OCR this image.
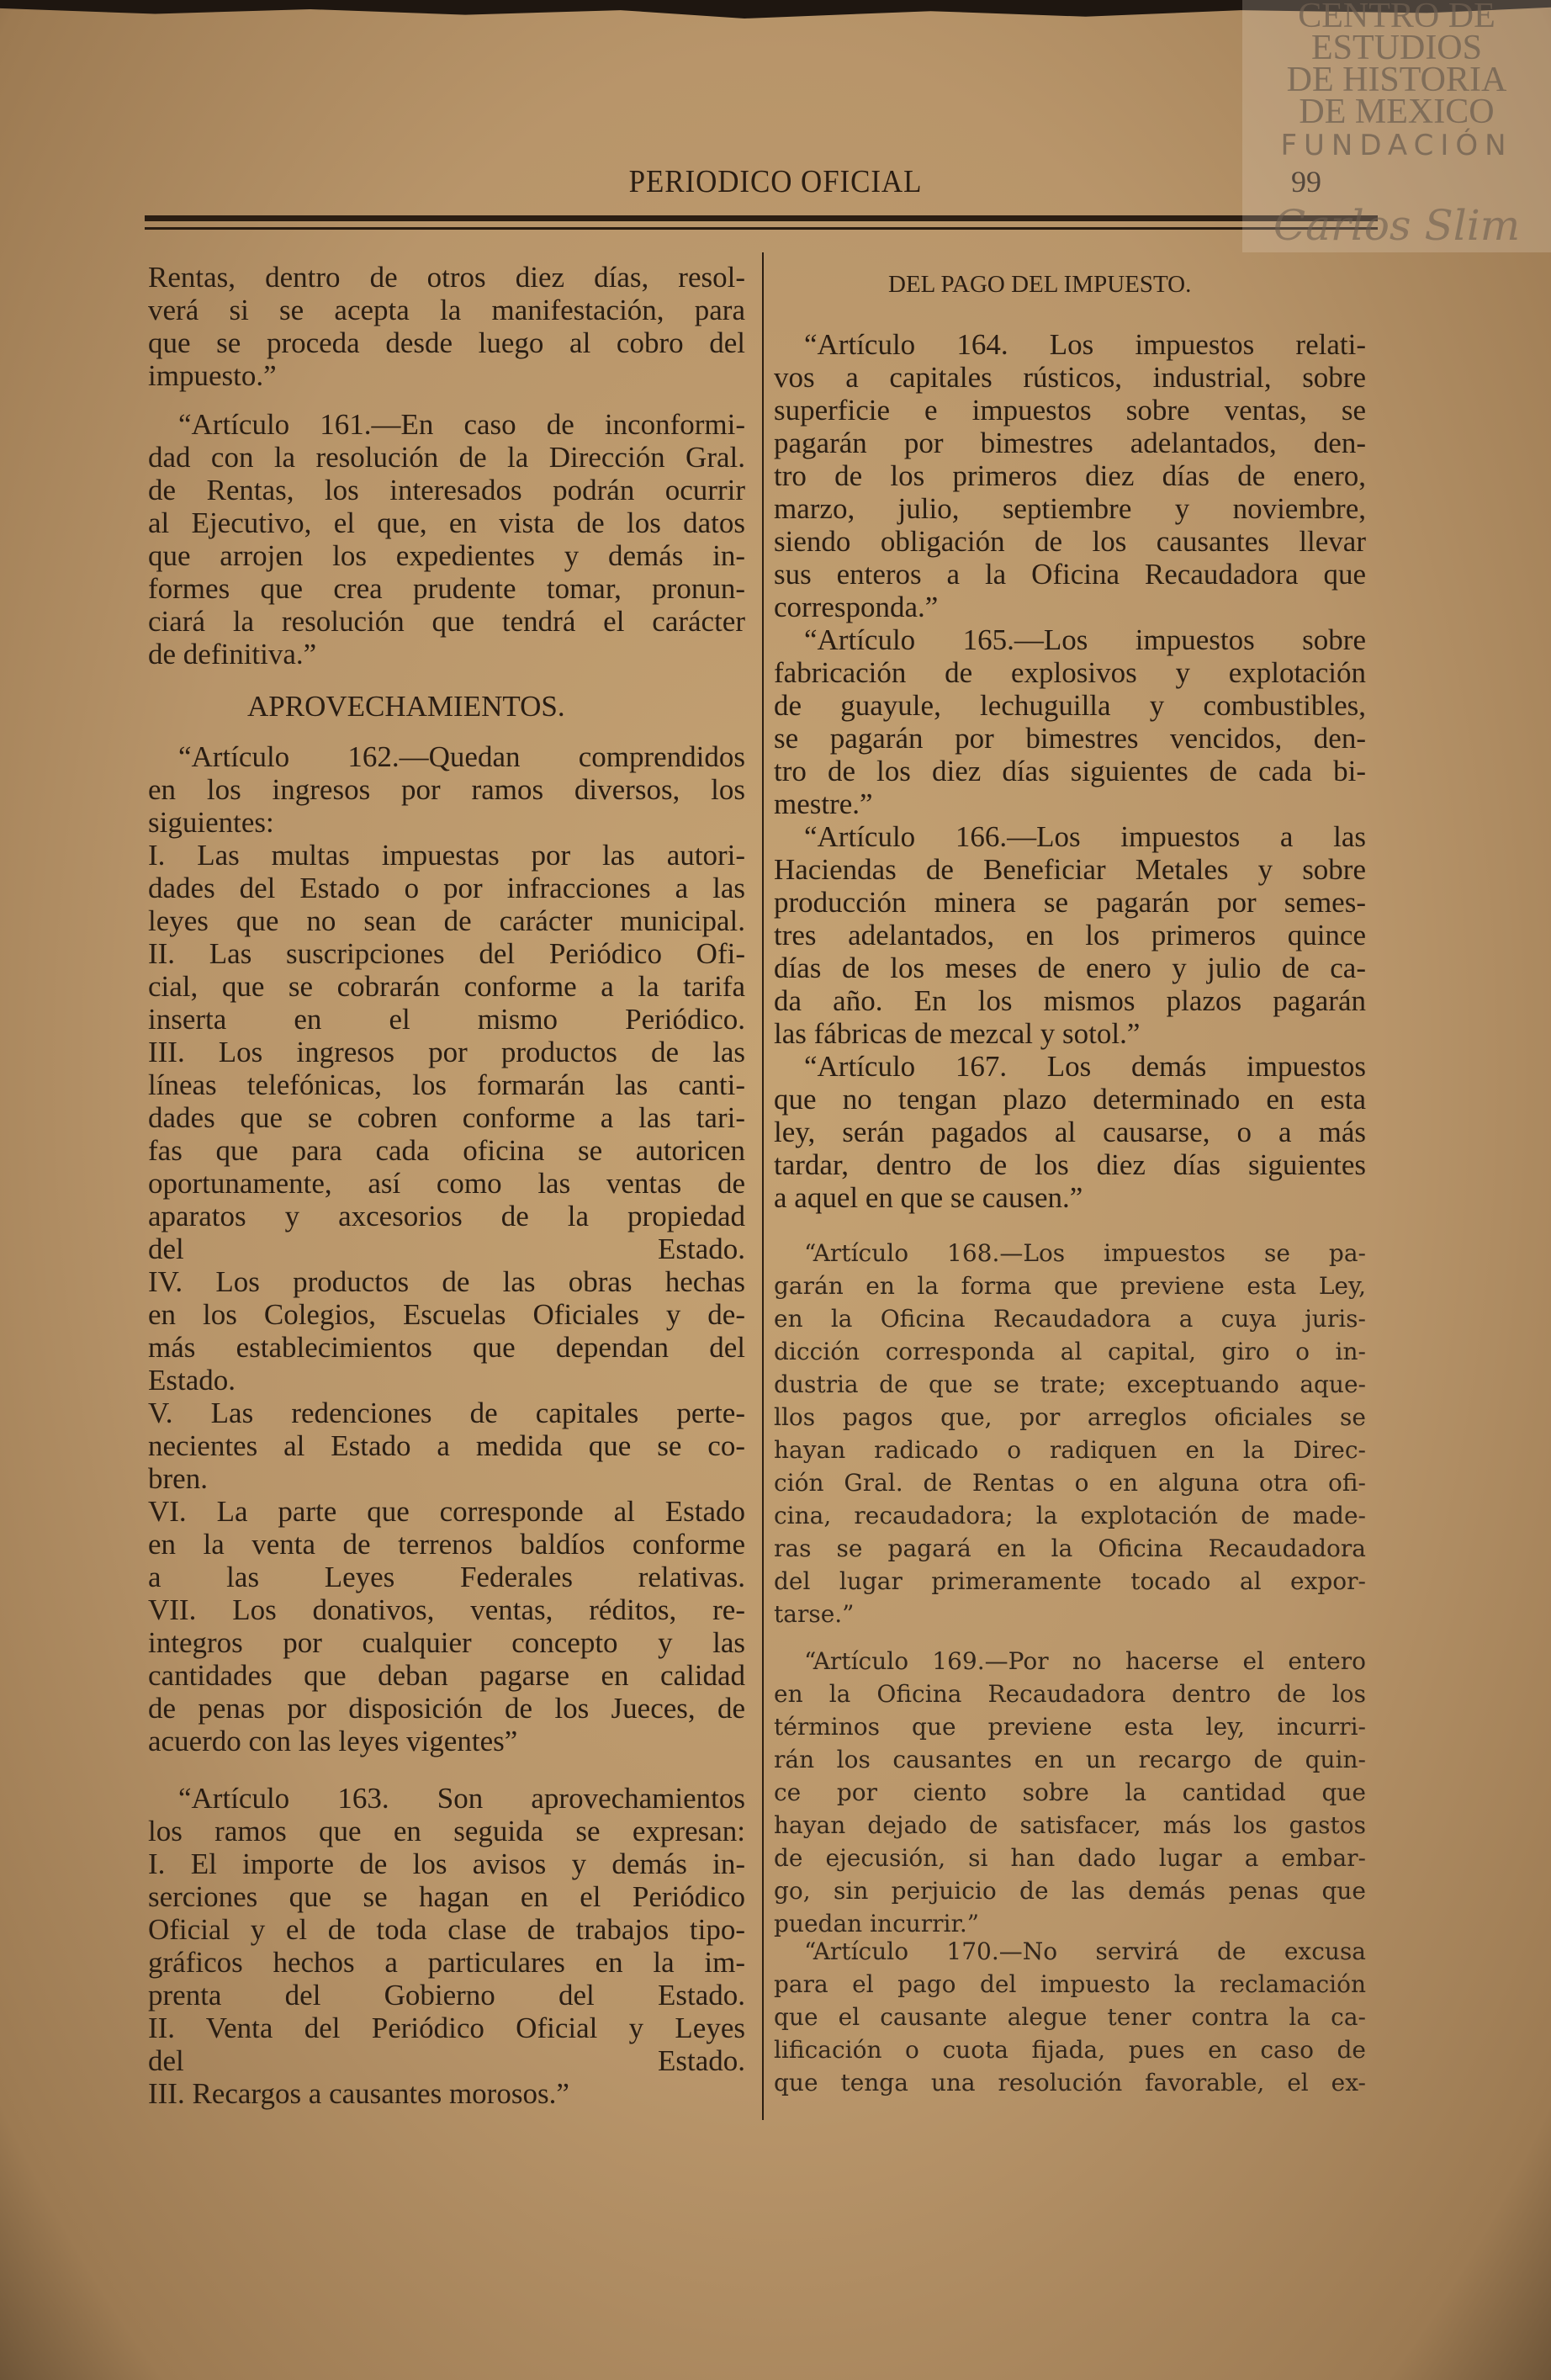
PERIODICO OFICIAL	99
Rentas, dentro de otros diez días, resol-
verá si se acepta la manifestación, para
que se proceda desde luego al cobro del
impuesto.”
“Artículo 161.—En caso de inconformi-
dad con la resolución de la Dirección Gral.
de Rentas, los interesados podrán ocurrir
al Ejecutivo, el que, en vista de los datos
que arrojen los expedientes y demás in-
formes que crea prudente tomar, pronun-
ciará la resolución que tendrá el carácter
de definitiva.”
APROVECHAMIENTOS.
“Artículo 162.—Quedan comprendidos
en los ingresos por ramos diversos, los
siguientes:
I. Las multas impuestas por las autori-
dades del Estado o por infracciones a las
leyes que no sean de carácter municipal.
II. Las suscripciones del Periódico Ofi-
cial, que se cobrarán conforme a la tarifa
inserta en el mismo Periódico.
III. Los ingresos por productos de las
líneas telefónicas, los formarán las canti-
dades que se cobren conforme a las tari-
fas que para cada oficina se autoricen
oportunamente, así como las ventas de
aparatos y axcesorios de la propiedad
del Estado.
IV. Los productos de las obras hechas
en los Colegios, Escuelas Oficiales y de-
más establecimientos que dependan del
Estado.
V. Las redenciones de capitales perte-
necientes al Estado a medida que se co-
bren.
VI. La parte que corresponde al Estado
en la venta de terrenos baldíos conforme
a las Leyes Federales relativas.
VII. Los donativos, ventas, réditos, re-
integros por cualquier concepto y las
cantidades que deban pagarse en calidad
de penas por disposición de los Jueces, de
acuerdo con las leyes vigentes”
“Artículo 163. Son aprovechamientos
los ramos que en seguida se expresan:
I. El importe de los avisos y demás in-
serciones que se hagan en el Periódico
Oficial y el de toda clase de trabajos tipo-
gráficos hechos a particulares en la im-
prenta del Gobierno del Estado.
II. Venta del Periódico Oficial y Leyes
del Estado.
III. Recargos a causantes morosos.”
DEL PAGO DEL IMPUESTO.
“Artículo 164. Los impuestos relati-
vos a capitales rústicos, industrial, sobre
superficie e impuestos sobre ventas, se
pagarán por bimestres adelantados, den-
tro de los primeros diez días de enero,
marzo, julio, septiembre y noviembre,
siendo obligación de los causantes llevar
sus enteros a la Oficina Recaudadora que
corresponda.”
“Artículo 165.—Los impuestos sobre
fabricación de explosivos y explotación
de guayule, lechuguilla y combustibles,
se pagarán por bimestres vencidos, den-
tro de los diez días siguientes de cada bi-
mestre.”
“Artículo 166.—Los impuestos a las
Haciendas de Beneficiar Metales y sobre
producción minera se pagarán por semes-
tres adelantados, en los primeros quince
días de los meses de enero y julio de ca-
da año. En los mismos plazos pagarán
las fábricas de mezcal y sotol.”
“Artículo 167. Los demás impuestos
que no tengan plazo determinado en esta
ley, serán pagados al causarse, o a más
tardar, dentro de los diez días siguientes
a aquel en que se causen.”
“Artículo 168.—Los impuestos se pa-
garán en la forma que previene esta Ley,
en la Oficina Recaudadora a cuya juris-
dicción corresponda al capital, giro o in-
dustria de que se trate; exceptuando aque-
llos pagos que, por arreglos oficiales se
hayan radicado o radiquen en la Direc-
ción Gral. de Rentas o en alguna otra ofi-
cina, recaudadora; la explotación de made-
ras se pagará en la Oficina Recaudadora
del lugar primeramente tocado al expor-
tarse.”
“Artículo 169.—Por no hacerse el entero
en la Oficina Recaudadora dentro de los
términos que previene esta ley, incurri-
rán los causantes en un recargo de quin-
ce por ciento sobre la cantidad que
hayan dejado de satisfacer, más los gastos
de ejecusión, si han dado lugar a embar-
go, sin perjuicio de las demás penas que
puedan incurrir.”
“Artículo 170.—No servirá de excusa
para el pago del impuesto la reclamación
que el causante alegue tener contra la ca-
lificación o cuota fijada, pues en caso de
que tenga una resolución favorable, el ex-
CENTRO DE
ESTUDIOS
DE HISTORIA
DE MEXICO
FUNDACIÓN
Carlos Slim
